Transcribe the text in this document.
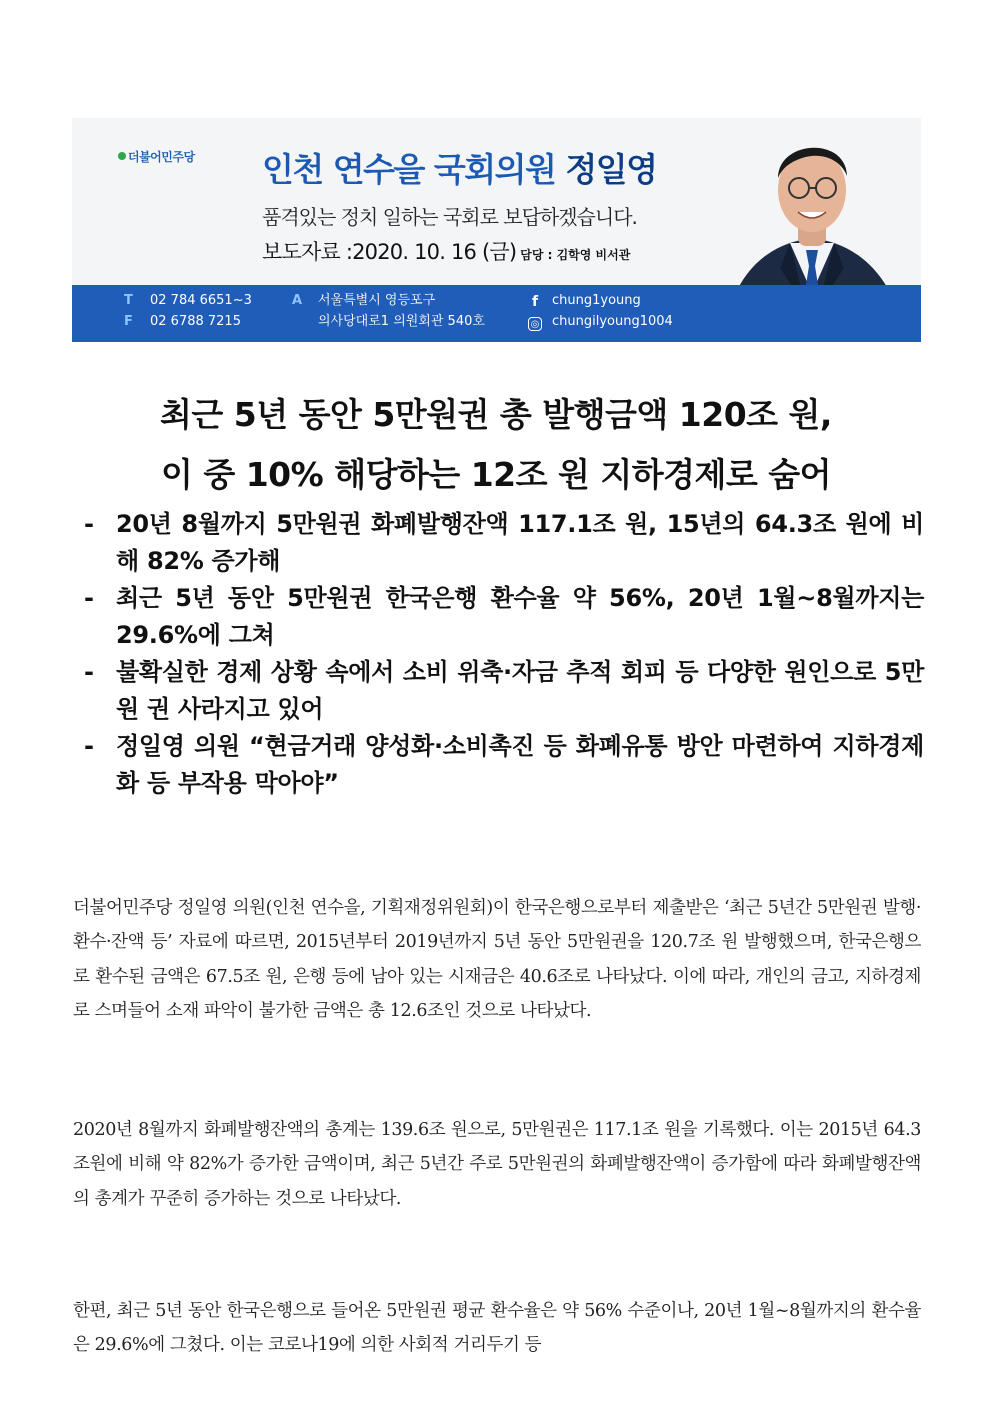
더불어민주당 인천 연수을 국회의원 정일영
품격있는 정치 일하는 국회로 보답하겠습니다.
보도자료 :2020. 10. 16 (금) 담당 : 김학영 비서관
T 02 784 6651~3
F 02 6788 7215
A 서울특별시 영등포구
의사당대로1 의원회관 540호
f chung1young
◎ chungilyoung1004
최근 5년 동안 5만원권 총 발행금액 120조 원,
이 중 10% 해당하는 12조 원 지하경제로 숨어
- 20년 8월까지 5만원권 화폐발행잔액 117.1조 원, 15년의 64.3조 원에 비해 82% 증가해
- 최근 5년 동안 5만원권 한국은행 환수율 약 56%, 20년 1월~8월까지는 29.6%에 그쳐
- 불확실한 경제 상황 속에서 소비 위축·자금 추적 회피 등 다양한 원인으로 5만원 권 사라지고 있어
- 정일영 의원 “현금거래 양성화·소비촉진 등 화폐유통 방안 마련하여 지하경제화 등 부작용 막아야”

더불어민주당 정일영 의원(인천 연수을, 기획재정위원회)이 한국은행으로부터 제출받은 ‘최근 5년간 5만원권 발행·환수·잔액 등’ 자료에 따르면, 2015년부터 2019년까지 5년 동안 5만원권을 120.7조 원 발행했으며, 한국은행으로 환수된 금액은 67.5조 원, 은행 등에 남아 있는 시재금은 40.6조로 나타났다. 이에 따라, 개인의 금고, 지하경제로 스며들어 소재 파악이 불가한 금액은 총 12.6조인 것으로 나타났다.

2020년 8월까지 화폐발행잔액의 총계는 139.6조 원으로, 5만원권은 117.1조 원을 기록했다. 이는 2015년 64.3조원에 비해 약 82%가 증가한 금액이며, 최근 5년간 주로 5만원권의 화폐발행잔액이 증가함에 따라 화폐발행잔액의 총계가 꾸준히 증가하는 것으로 나타났다.

한편, 최근 5년 동안 한국은행으로 들어온 5만원권 평균 환수율은 약 56% 수준이나, 20년 1월~8월까지의 환수율은 29.6%에 그쳤다. 이는 코로나19에 의한 사회적 거리두기 등
